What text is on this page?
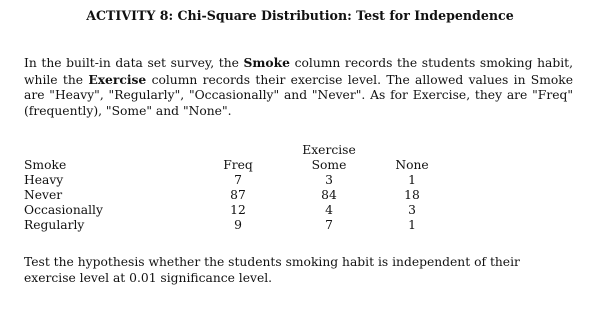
ACTIVITY 8: Chi-Square Distribution: Test for Independence

In the built-in data set survey, the Smoke column records the students smoking habit, while the Exercise column records their exercise level. The allowed values in Smoke are "Heavy", "Regularly", "Occasionally" and "Never". As for Exercise, they are "Freq" (frequently), "Some" and "None".

			Exercise		
Smoke	Freq		Some		None
Heavy	7		3		1
Never	87		84		18
Occasionally	12		4		3
Regularly	9		7		1

Test the hypothesis whether the students smoking habit is independent of their exercise level at 0.01 significance level.
